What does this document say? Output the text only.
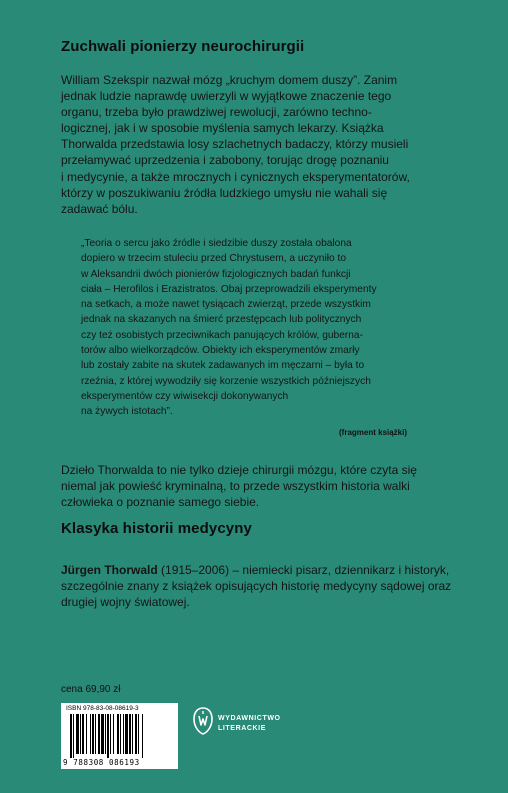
Zuchwali pionierzy neurochirurgii

William Szekspir nazwał mózg „kruchym domem duszy”. Zanim
jednak ludzie naprawdę uwierzyli w wyjątkowe znaczenie tego
organu, trzeba było prawdziwej rewolucji, zarówno techno-
logicznej, jak i w sposobie myślenia samych lekarzy. Książka
Thorwalda przedstawia losy szlachetnych badaczy, którzy musieli
przełamywać uprzedzenia i zabobony, torując drogę poznaniu
i medycynie, a także mrocznych i cynicznych eksperymentatorów,
którzy w poszukiwaniu źródła ludzkiego umysłu nie wahali się
zadawać bólu.

„Teoria o sercu jako źródle i siedzibie duszy została obalona
dopiero w trzecim stuleciu przed Chrystusem, a uczyniło to
w Aleksandrii dwóch pionierów fizjologicznych badań funkcji
ciała – Herofilos i Erazistratos. Obaj przeprowadzili eksperymenty
na setkach, a może nawet tysiącach zwierząt, przede wszystkim
jednak na skazanych na śmierć przestępcach lub politycznych
czy też osobistych przeciwnikach panujących królów, guberna-
torów albo wielkorządców. Obiekty ich eksperymentów zmarły
lub zostały zabite na skutek zadawanych im męczarni – była to
rzeźnia, z której wywodziły się korzenie wszystkich późniejszych
eksperymentów czy wiwisekcji dokonywanych
na żywych istotach”.

(fragment książki)

Dzieło Thorwalda to nie tylko dzieje chirurgii mózgu, które czyta się
niemal jak powieść kryminalną, to przede wszystkim historia walki
człowieka o poznanie samego siebie.

Klasyka historii medycyny

Jürgen Thorwald (1915–2006) – niemiecki pisarz, dziennikarz i historyk,
szczególnie znany z książek opisujących historię medycyny sądowej oraz
drugiej wojny światowej.

cena 69,90 zł
ISBN 978-83-08-08619-3
9 788308 086193
WYDAWNICTWO
LITERACKIE
